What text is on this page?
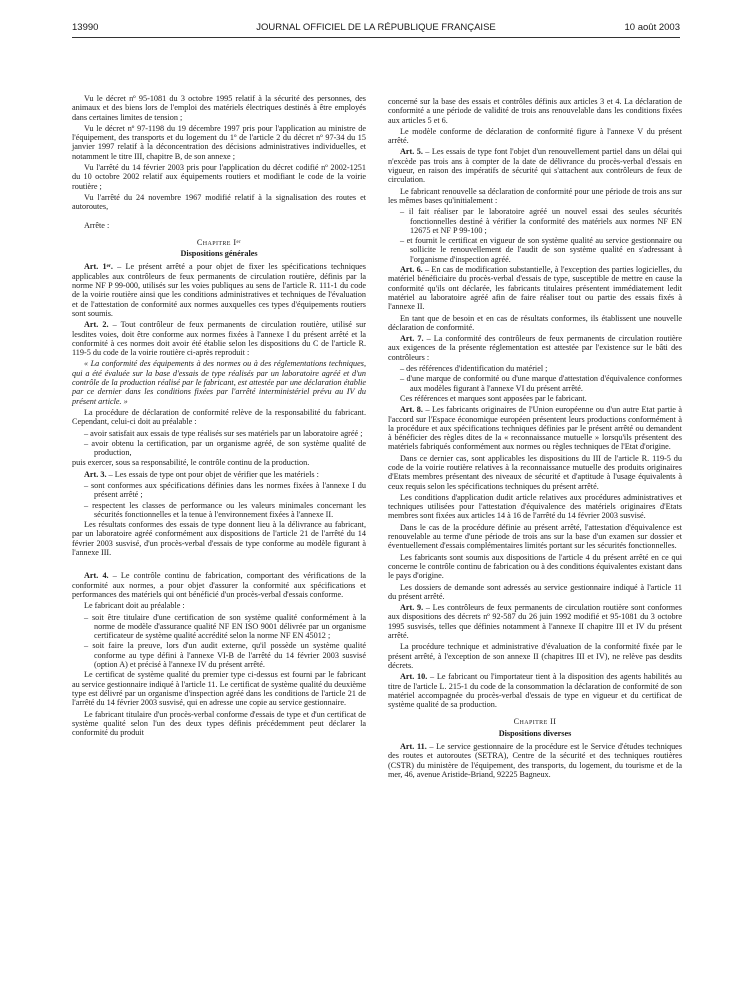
13990	JOURNAL OFFICIEL DE LA RÉPUBLIQUE FRANÇAISE	10 août 2003

Vu le décret nº 95-1081 du 3 octobre 1995 relatif à la sécurité des personnes, des animaux et des biens lors de l'emploi des matériels électriques destinés à être employés dans certaines limites de tension ;

Vu le décret nº 97-1198 du 19 décembre 1997 pris pour l'application au ministre de l'équipement, des transports et du logement du 1º de l'article 2 du décret nº 97-34 du 15 janvier 1997 relatif à la déconcentration des décisions administratives individuelles, et notamment le titre III, chapitre B, de son annexe ;

Vu l'arrêté du 14 février 2003 pris pour l'application du décret codifié nº 2002-1251 du 10 octobre 2002 relatif aux équipements routiers et modifiant le code de la voirie routière ;

Vu l'arrêté du 24 novembre 1967 modifié relatif à la signalisation des routes et autoroutes,

Arrête :

Chapitre Iᵉʳ

Dispositions générales

Art. 1ᵉʳ. – Le présent arrêté a pour objet de fixer les spécifications techniques applicables aux contrôleurs de feux permanents de circulation routière, définis par la norme NF P 99-000, utilisés sur les voies publiques au sens de l'article R. 111-1 du code de la voirie routière ainsi que les conditions administratives et techniques de l'évaluation et de l'attestation de conformité aux normes auxquelles ces types d'équipements routiers sont soumis.

Art. 2. – Tout contrôleur de feux permanents de circulation routière, utilisé sur lesdites voies, doit être conforme aux normes fixées à l'annexe I du présent arrêté et la conformité à ces normes doit avoir été établie selon les dispositions du C de l'article R. 119-5 du code de la voirie routière ci-après reproduit :

« La conformité des équipements à des normes ou à des réglementations techniques, qui a été évaluée sur la base d'essais de type réalisés par un laboratoire agréé et d'un contrôle de la production réalisé par le fabricant, est attestée par une déclaration établie par ce dernier dans les conditions fixées par l'arrêté interministériel prévu au IV du présent article. »

La procédure de déclaration de conformité relève de la responsabilité du fabricant. Cependant, celui-ci doit au préalable :

– avoir satisfait aux essais de type réalisés sur ses matériels par un laboratoire agréé ;
– avoir obtenu la certification, par un organisme agréé, de son système qualité de production,

puis exercer, sous sa responsabilité, le contrôle continu de la production.

Art. 3. – Les essais de type ont pour objet de vérifier que les matériels :

– sont conformes aux spécifications définies dans les normes fixées à l'annexe I du présent arrêté ;
– respectent les classes de performance ou les valeurs minimales concernant les sécurités fonctionnelles et la tenue à l'environnement fixées à l'annexe II.

Les résultats conformes des essais de type donnent lieu à la délivrance au fabricant, par un laboratoire agréé conformément aux dispositions de l'article 21 de l'arrêté du 14 février 2003 susvisé, d'un procès-verbal d'essais de type conforme au modèle figurant à l'annexe III.

Art. 4. – Le contrôle continu de fabrication, comportant des vérifications de la conformité aux normes, a pour objet d'assurer la conformité aux spécifications et performances des matériels qui ont bénéficié d'un procès-verbal d'essais conforme.

Le fabricant doit au préalable :

– soit être titulaire d'une certification de son système qualité conformément à la norme de modèle d'assurance qualité NF EN ISO 9001 délivrée par un organisme certificateur de système qualité accrédité selon la norme NF EN 45012 ;
– soit faire la preuve, lors d'un audit externe, qu'il possède un système qualité conforme au type défini à l'annexe VI-B de l'arrêté du 14 février 2003 susvisé (option A) et précisé à l'annexe IV du présent arrêté.

Le certificat de système qualité du premier type ci-dessus est fourni par le fabricant au service gestionnaire indiqué à l'article 11. Le certificat de système qualité du deuxième type est délivré par un organisme d'inspection agréé dans les conditions de l'article 21 de l'arrêté du 14 février 2003 susvisé, qui en adresse une copie au service gestionnaire.

Le fabricant titulaire d'un procès-verbal conforme d'essais de type et d'un certificat de système qualité selon l'un des deux types définis précédemment peut déclarer la conformité du produit

concerné sur la base des essais et contrôles définis aux articles 3 et 4. La déclaration de conformité a une période de validité de trois ans renouvelable dans les conditions fixées aux articles 5 et 6.

Le modèle conforme de déclaration de conformité figure à l'annexe V du présent arrêté.

Art. 5. – Les essais de type font l'objet d'un renouvellement partiel dans un délai qui n'excède pas trois ans à compter de la date de délivrance du procès-verbal d'essais en vigueur, en raison des impératifs de sécurité qui s'attachent aux contrôleurs de feux de circulation.

Le fabricant renouvelle sa déclaration de conformité pour une période de trois ans sur les mêmes bases qu'initialement :

– il fait réaliser par le laboratoire agréé un nouvel essai des seules sécurités fonctionnelles destiné à vérifier la conformité des matériels aux normes NF EN 12675 et NF P 99-100 ;
– et fournit le certificat en vigueur de son système qualité au service gestionnaire ou sollicite le renouvellement de l'audit de son système qualité en s'adressant à l'organisme d'inspection agréé.

Art. 6. – En cas de modification substantielle, à l'exception des parties logicielles, du matériel bénéficiaire du procès-verbal d'essais de type, susceptible de mettre en cause la conformité qu'ils ont déclarée, les fabricants titulaires présentent immédiatement ledit matériel au laboratoire agréé afin de faire réaliser tout ou partie des essais fixés à l'annexe II.

En tant que de besoin et en cas de résultats conformes, ils établissent une nouvelle déclaration de conformité.

Art. 7. – La conformité des contrôleurs de feux permanents de circulation routière aux exigences de la présente réglementation est attestée par l'existence sur le bâti des contrôleurs :

– des références d'identification du matériel ;
– d'une marque de conformité ou d'une marque d'attestation d'équivalence conformes aux modèles figurant à l'annexe VI du présent arrêté.

Ces références et marques sont apposées par le fabricant.

Art. 8. – Les fabricants originaires de l'Union européenne ou d'un autre Etat partie à l'accord sur l'Espace économique européen présentent leurs productions conformément à la procédure et aux spécifications techniques définies par le présent arrêté ou demandent à bénéficier des règles dites de la « reconnaissance mutuelle » lorsqu'ils présentent des matériels fabriqués conformément aux normes ou règles techniques de l'Etat d'origine.

Dans ce dernier cas, sont applicables les dispositions du III de l'article R. 119-5 du code de la voirie routière relatives à la reconnaissance mutuelle des produits originaires d'Etats membres présentant des niveaux de sécurité et d'aptitude à l'usage équivalents à ceux requis selon les spécifications techniques du présent arrêté.

Les conditions d'application dudit article relatives aux procédures administratives et techniques utilisées pour l'attestation d'équivalence des matériels originaires d'Etats membres sont fixées aux articles 14 à 16 de l'arrêté du 14 février 2003 susvisé.

Dans le cas de la procédure définie au présent arrêté, l'attestation d'équivalence est renouvelable au terme d'une période de trois ans sur la base d'un examen sur dossier et éventuellement d'essais complémentaires limités portant sur les sécurités fonctionnelles.

Les fabricants sont soumis aux dispositions de l'article 4 du présent arrêté en ce qui concerne le contrôle continu de fabrication ou à des conditions équivalentes existant dans le pays d'origine.

Les dossiers de demande sont adressés au service gestionnaire indiqué à l'article 11 du présent arrêté.

Art. 9. – Les contrôleurs de feux permanents de circulation routière sont conformes aux dispositions des décrets nº 92-587 du 26 juin 1992 modifié et 95-1081 du 3 octobre 1995 susvisés, telles que définies notamment à l'annexe II chapitre III et IV du présent arrêté.

La procédure technique et administrative d'évaluation de la conformité fixée par le présent arrêté, à l'exception de son annexe II (chapitres III et IV), ne relève pas desdits décrets.

Art. 10. – Le fabricant ou l'importateur tient à la disposition des agents habilités au titre de l'article L. 215-1 du code de la consommation la déclaration de conformité de son matériel accompagnée du procès-verbal d'essais de type en vigueur et du certificat de système qualité de sa production.

Chapitre II

Dispositions diverses

Art. 11. – Le service gestionnaire de la procédure est le Service d'études techniques des routes et autoroutes (SETRA), Centre de la sécurité et des techniques routières (CSTR) du ministère de l'équipement, des transports, du logement, du tourisme et de la mer, 46, avenue Aristide-Briand, 92225 Bagneux.
